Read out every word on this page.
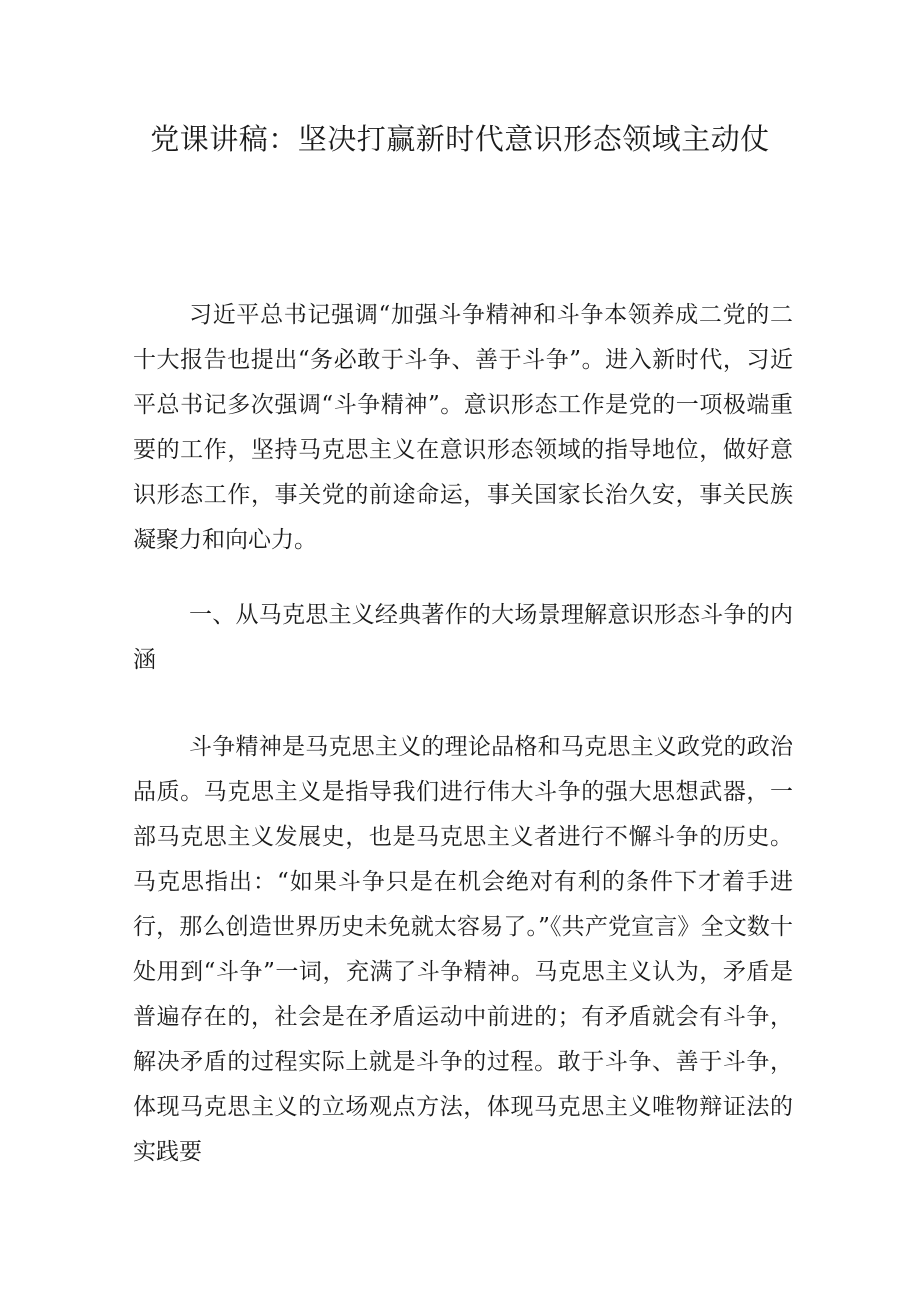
党课讲稿：坚决打赢新时代意识形态领域主动仗

习近平总书记强调“加强斗争精神和斗争本领养成二党的二十大报告也提出“务必敢于斗争、善于斗争”。进入新时代，习近平总书记多次强调“斗争精神”。意识形态工作是党的一项极端重要的工作，坚持马克思主义在意识形态领域的指导地位，做好意识形态工作，事关党的前途命运，事关国家长治久安，事关民族凝聚力和向心力。

一、从马克思主义经典著作的大场景理解意识形态斗争的内涵

斗争精神是马克思主义的理论品格和马克思主义政党的政治品质。马克思主义是指导我们进行伟大斗争的强大思想武器，一部马克思主义发展史，也是马克思主义者进行不懈斗争的历史。马克思指出：“如果斗争只是在机会绝对有利的条件下才着手进行，那么创造世界历史未免就太容易了。”《共产党宣言》全文数十处用到“斗争”一词，充满了斗争精神。马克思主义认为，矛盾是普遍存在的，社会是在矛盾运动中前进的；有矛盾就会有斗争，解决矛盾的过程实际上就是斗争的过程。敢于斗争、善于斗争，体现马克思主义的立场观点方法，体现马克思主义唯物辩证法的实践要
